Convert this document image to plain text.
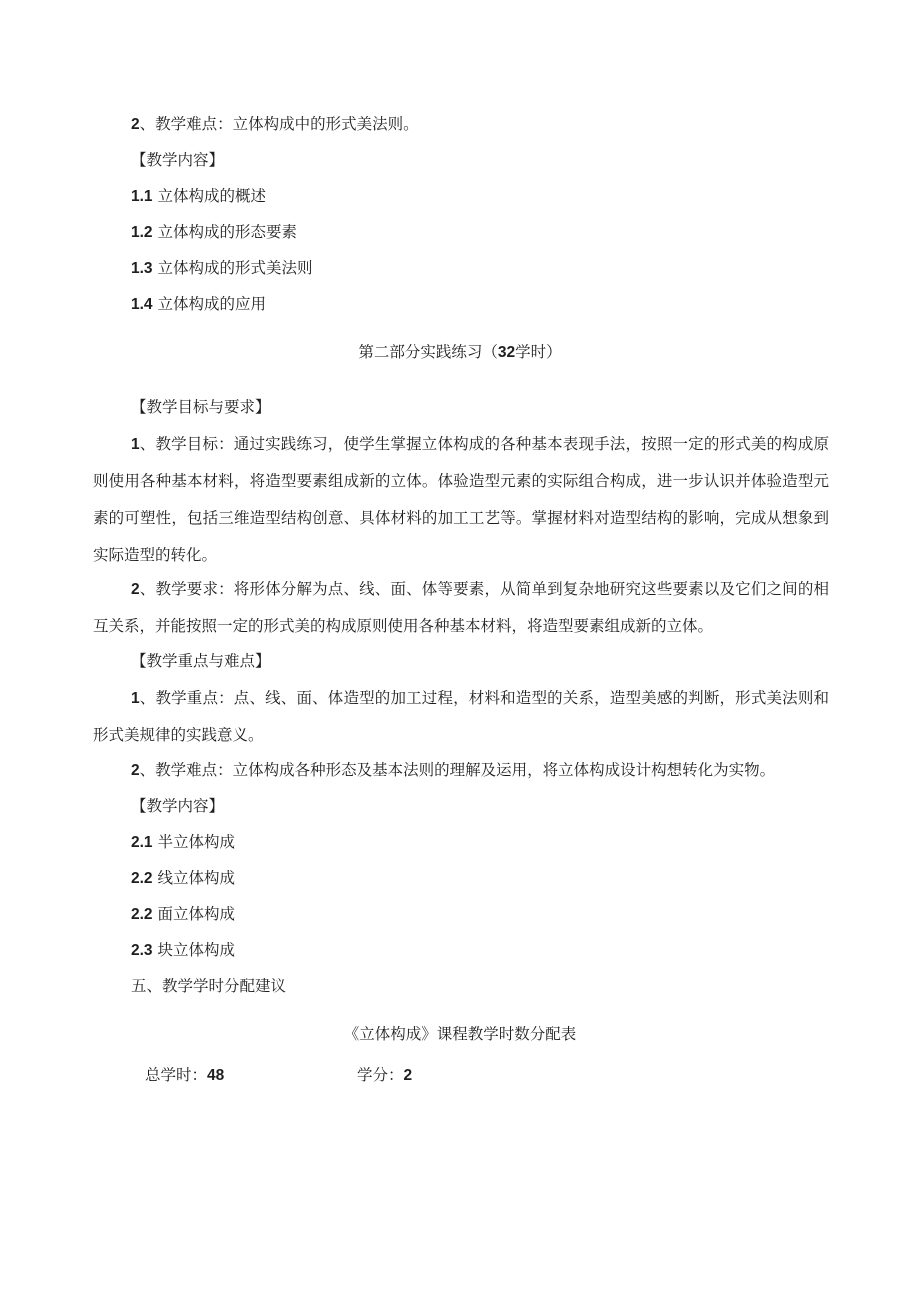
2、教学难点：立体构成中的形式美法则。
【教学内容】
1.1 立体构成的概述
1.2 立体构成的形态要素
1.3 立体构成的形式美法则
1.4 立体构成的应用
第二部分实践练习（32学时）
【教学目标与要求】
1、教学目标：通过实践练习，使学生掌握立体构成的各种基本表现手法，按照一定的形式美的构成原则使用各种基本材料，将造型要素组成新的立体。体验造型元素的实际组合构成，进一步认识并体验造型元素的可塑性，包括三维造型结构创意、具体材料的加工工艺等。掌握材料对造型结构的影响，完成从想象到实际造型的转化。
2、教学要求：将形体分解为点、线、面、体等要素，从简单到复杂地研究这些要素以及它们之间的相互关系，并能按照一定的形式美的构成原则使用各种基本材料，将造型要素组成新的立体。
【教学重点与难点】
1、教学重点：点、线、面、体造型的加工过程，材料和造型的关系，造型美感的判断，形式美法则和形式美规律的实践意义。
2、教学难点：立体构成各种形态及基本法则的理解及运用，将立体构成设计构想转化为实物。
【教学内容】
2.1 半立体构成
2.2 线立体构成
2.2 面立体构成
2.3 块立体构成
五、教学学时分配建议
《立体构成》课程教学时数分配表
总学时：48	学分：2
